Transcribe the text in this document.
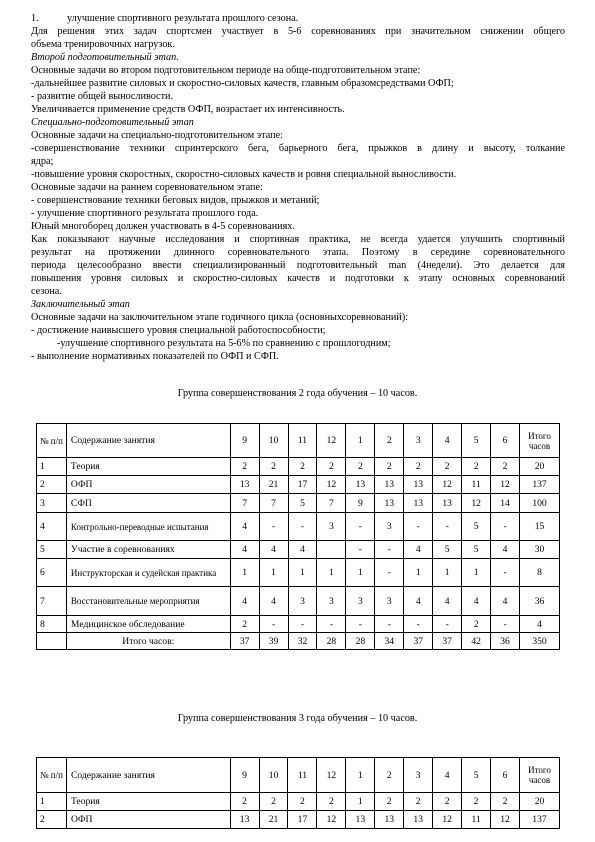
1.	улучшение спортивного результата прошлого сезона.
Для решения этих задач спортсмен участвует в 5-6 соревнованиях при значительном снижении общего
объема тренировочных нагрузок.
Второй подготовительный этап.
Основные задачи во втором подготовительном периоде на обще-подготовительном этапе:
-дальнейшее развитие силовых и скоростно-силовых качеств, главным образомсредствами ОФП;
- развитие общей выносливости.
Увеличивается применение средств ОФП, возрастает их интенсивность.
Специально-подготовительный этап
Основные задачи на специально-подготовительном этапе:
-совершенствование техники спринтерского бега, барьерного бега, прыжков в длину и высоту, толкание
ядра;
-повышение уровня скоростных, скоростно-силовых качеств и ровня специальной выносливости.
Основные задачи на раннем соревновательном этапе:
- совершенствование техники беговых видов, прыжков и метаний;
- улучшение спортивного результата прошлого года.
Юный многоборец должен участвовать в 4-5 соревнованиях.
Как показывают научные исследования и спортивная практика, не всегда удается улучшить спортивный
результат на протяжении длинного соревновательного этапа. Поэтому в середине соревновательного
периода целесообразно ввести специализированный подготовительный man (4недели). Это делается для
повышения уровня силовых и скоростно-силовых качеств и подготовки к этапу основных соревнований
сезона.
Заключительный этап
Основные задачи на заключительном этапе годичного цикла (основныхсоревнований):
- достижение наивысшего уровня специальной работоспособности;
-улучшение спортивного результата на 5-6% по сравнению с прошлогодним;
- выполнение нормативных показателей по ОФП и СФП.
Группа совершенствования 2 года обучения – 10 часов.
№ п/п	Содержание занятия	9	10	11	12	1	2	3	4	5	6	Итого часов
1	Теория	2	2	2	2	2	2	2	2	2	2	20
2	ОФП	13	21	17	12	13	13	13	12	11	12	137
3	СФП	7	7	5	7	9	13	13	13	12	14	100
4	Контрольно-переводные испытания	4	-	-	3	-	3	-	-	5	-	15
5	Участие в соревнованиях	4	4	4		-	-	4	5	5	4	30
6	Инструкторская и судейская практика	1	1	1	1	1	-	1	1	1	-	8
7	Восстановительные мероприятия	4	4	3	3	3	3	4	4	4	4	36
8	Медицинское обследование	2	-	-	-	-	-	-	-	2	-	4
	Итого часов:	37	39	32	28	28	34	37	37	42	36	350
Группа совершенствования 3 года обучения – 10 часов.
№ п/п	Содержание занятия	9	10	11	12	1	2	3	4	5	6	Итого часов
1	Теория	2	2	2	2	1	2	2	2	2	2	20
2	ОФП	13	21	17	12	13	13	13	12	11	12	137
